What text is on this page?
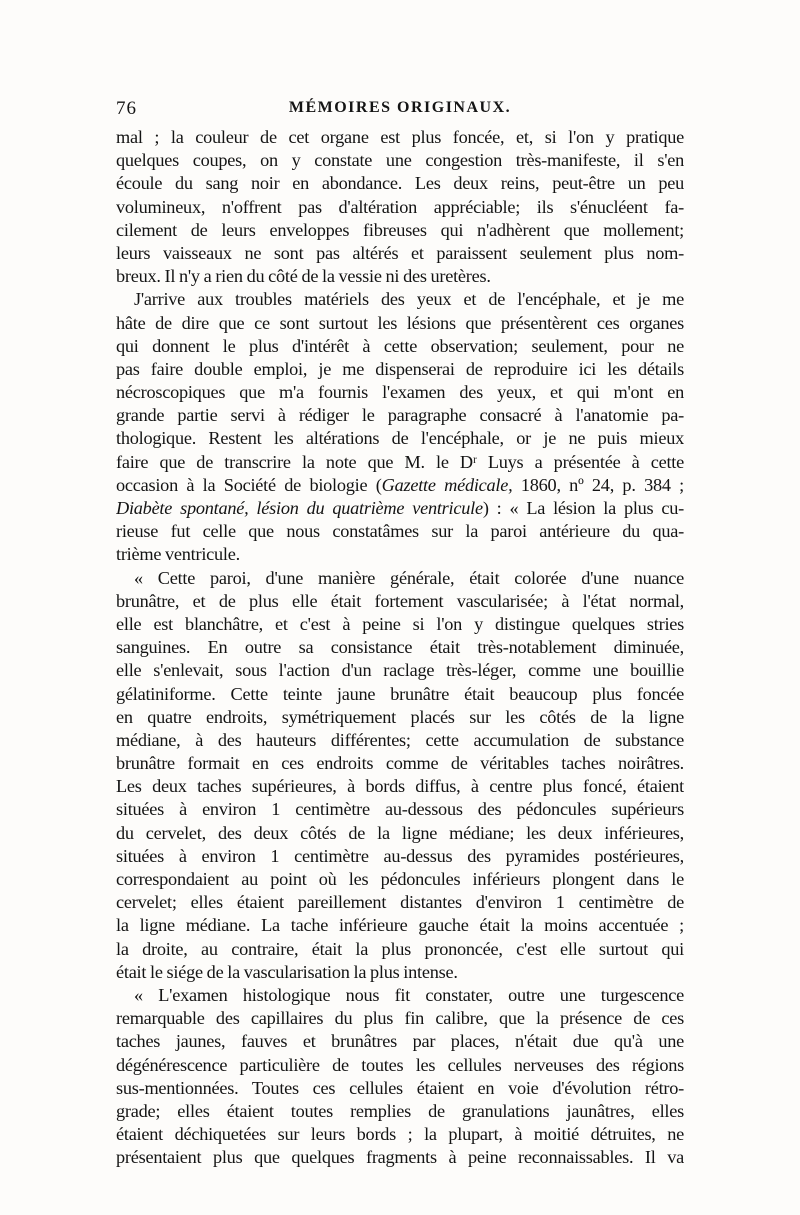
76	MÉMOIRES ORIGINAUX.
mal ; la couleur de cet organe est plus foncée, et, si l'on y pratique
quelques coupes, on y constate une congestion très-manifeste, il s'en
écoule du sang noir en abondance. Les deux reins, peut-être un peu
volumineux, n'offrent pas d'altération appréciable; ils s'énucléent fa-
cilement de leurs enveloppes fibreuses qui n'adhèrent que mollement;
leurs vaisseaux ne sont pas altérés et paraissent seulement plus nom-
breux. Il n'y a rien du côté de la vessie ni des uretères.
J'arrive aux troubles matériels des yeux et de l'encéphale, et je me
hâte de dire que ce sont surtout les lésions que présentèrent ces organes
qui donnent le plus d'intérêt à cette observation; seulement, pour ne
pas faire double emploi, je me dispenserai de reproduire ici les détails
nécroscopiques que m'a fournis l'examen des yeux, et qui m'ont en
grande partie servi à rédiger le paragraphe consacré à l'anatomie pa-
thologique. Restent les altérations de l'encéphale, or je ne puis mieux
faire que de transcrire la note que M. le Dʳ Luys a présentée à cette
occasion à la Société de biologie (Gazette médicale, 1860, nº 24, p. 384 ;
Diabète spontané, lésion du quatrième ventricule) : « La lésion la plus cu-
rieuse fut celle que nous constatâmes sur la paroi antérieure du qua-
trième ventricule.
« Cette paroi, d'une manière générale, était colorée d'une nuance
brunâtre, et de plus elle était fortement vascularisée; à l'état normal,
elle est blanchâtre, et c'est à peine si l'on y distingue quelques stries
sanguines. En outre sa consistance était très-notablement diminuée,
elle s'enlevait, sous l'action d'un raclage très-léger, comme une bouillie
gélatiniforme. Cette teinte jaune brunâtre était beaucoup plus foncée
en quatre endroits, symétriquement placés sur les côtés de la ligne
médiane, à des hauteurs différentes; cette accumulation de substance
brunâtre formait en ces endroits comme de véritables taches noirâtres.
Les deux taches supérieures, à bords diffus, à centre plus foncé, étaient
situées à environ 1 centimètre au-dessous des pédoncules supérieurs
du cervelet, des deux côtés de la ligne médiane; les deux inférieures,
situées à environ 1 centimètre au-dessus des pyramides postérieures,
correspondaient au point où les pédoncules inférieurs plongent dans le
cervelet; elles étaient pareillement distantes d'environ 1 centimètre de
la ligne médiane. La tache inférieure gauche était la moins accentuée ;
la droite, au contraire, était la plus prononcée, c'est elle surtout qui
était le siége de la vascularisation la plus intense.
« L'examen histologique nous fit constater, outre une turgescence
remarquable des capillaires du plus fin calibre, que la présence de ces
taches jaunes, fauves et brunâtres par places, n'était due qu'à une
dégénérescence particulière de toutes les cellules nerveuses des régions
sus-mentionnées. Toutes ces cellules étaient en voie d'évolution rétro-
grade; elles étaient toutes remplies de granulations jaunâtres, elles
étaient déchiquetées sur leurs bords ; la plupart, à moitié détruites, ne
présentaient plus que quelques fragments à peine reconnaissables. Il va
